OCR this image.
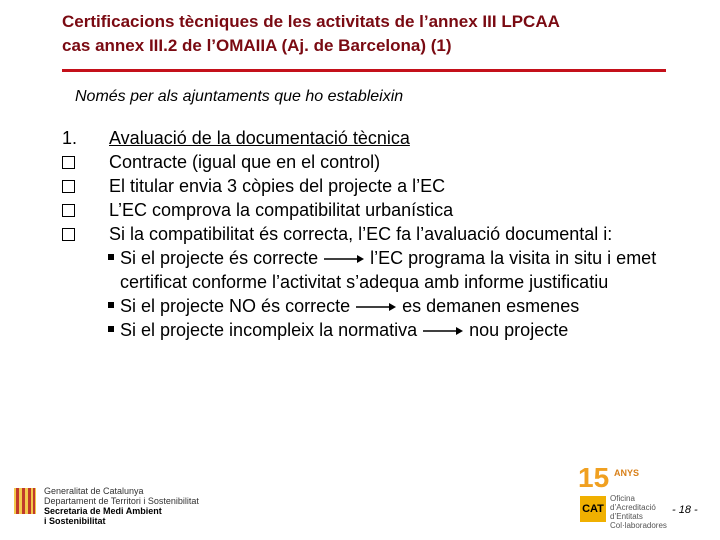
Certificacions tècniques de les activitats de l’annex III LPCAA
cas annex III.2 de l’OMAIIA (Aj. de Barcelona) (1)
Només per als ajuntaments que ho estableixin
1.	Avaluació de la documentació tècnica
Contracte (igual que en el control)
El titular envia 3 còpies del projecte a l’EC
L’EC comprova la compatibilitat urbanística
Si la compatibilitat és correcta, l’EC fa l’avaluació documental i:
Si el projecte és correcte	l’EC programa la visita in situ i emet certificat conforme l’activitat s’adequa amb informe justificatiu
Si el projecte NO és correcte	es demanen esmenes
Si el projecte incompleix la normativa	nou projecte
Generalitat de Catalunya
Departament de Territori i Sostenibilitat
Secretaria de Medi Ambient
i Sostenibilitat
15 ANYS
CAT
Oficina
d’Acreditació
d’Entitats
Col·laboradores
- 18 -
